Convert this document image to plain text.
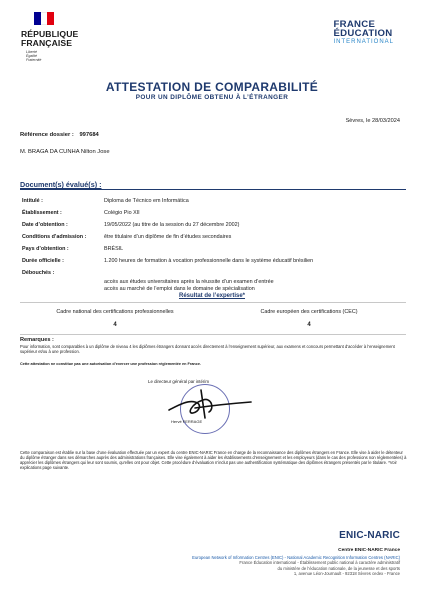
RÉPUBLIQUE
FRANÇAISE
Liberté
Égalité
Fraternité
FRANCE
ÉDUCATION
INTERNATIONAL
ATTESTATION DE COMPARABILITÉ
POUR UN DIPLÔME OBTENU À L’ÉTRANGER
Sèvres, le 28/03/2024
Référence dossier : 997684
M. BRAGA DA CUNHA Nilton Jose
Document(s) évalué(s) :
Intitulé :	Diploma de Técnico em Informática
Établissement :	Colégio Pio XII
Date d’obtention :	19/05/2022 (au titre de la session du 27 décembre 2002)
Conditions d’admission :	être titulaire d’un diplôme de fin d’études secondaires
Pays d’obtention :	BRÉSIL
Durée officielle :	1.200 heures de formation à vocation professionnelle dans le système éducatif brésilien
Débouchés :
accès aux études universitaires après la réussite d’un examen d’entrée
accès au marché de l’emploi dans le domaine de spécialisation
Résultat de l’expertise*
Cadre national des certifications professionnelles
4
Cadre européen des certifications (CEC)
4
Remarques :
Pour information, sont comparables à un diplôme de niveau 4 les diplômes étrangers donnant accès directement à l’enseignement supérieur, aux examens et concours permettant d’accéder à l’enseignement supérieur et/ou à une profession.
Cette attestation ne constitue pas une autorisation d’exercer une profession réglementée en France.
Le directeur général par intérim
Hervé FERRAGE
Cette comparaison est établie sur la base d’une évaluation effectuée par un expert du centre ENIC-NARIC France en charge de la reconnaissance des diplômes étrangers en France. Elle vise à aider le détenteur du diplôme étranger dans ses démarches auprès des administrations françaises. Elle vise également à aider les établissements d’enseignement et les employeurs (dans le cas des professions non réglementées) à apprécier les diplômes étrangers qui leur sont soumis, qu’elles ont pour objet. Cette procédure d’évaluation n’inclut pas une authentification systématique des diplômes étrangers présentés par le titulaire. *Voir explications page suivante.
ENIC-NARIC
Centre ENIC-NARIC France
European Network of Information Centres (ENIC) - National Academic Recognition Information Centres (NARIC)
France Éducation international - Établissement public national à caractère administratif
du ministère de l’éducation nationale, de la jeunesse et des sports
1, avenue Léon-Journault - 92318 Sèvres cedex - France
